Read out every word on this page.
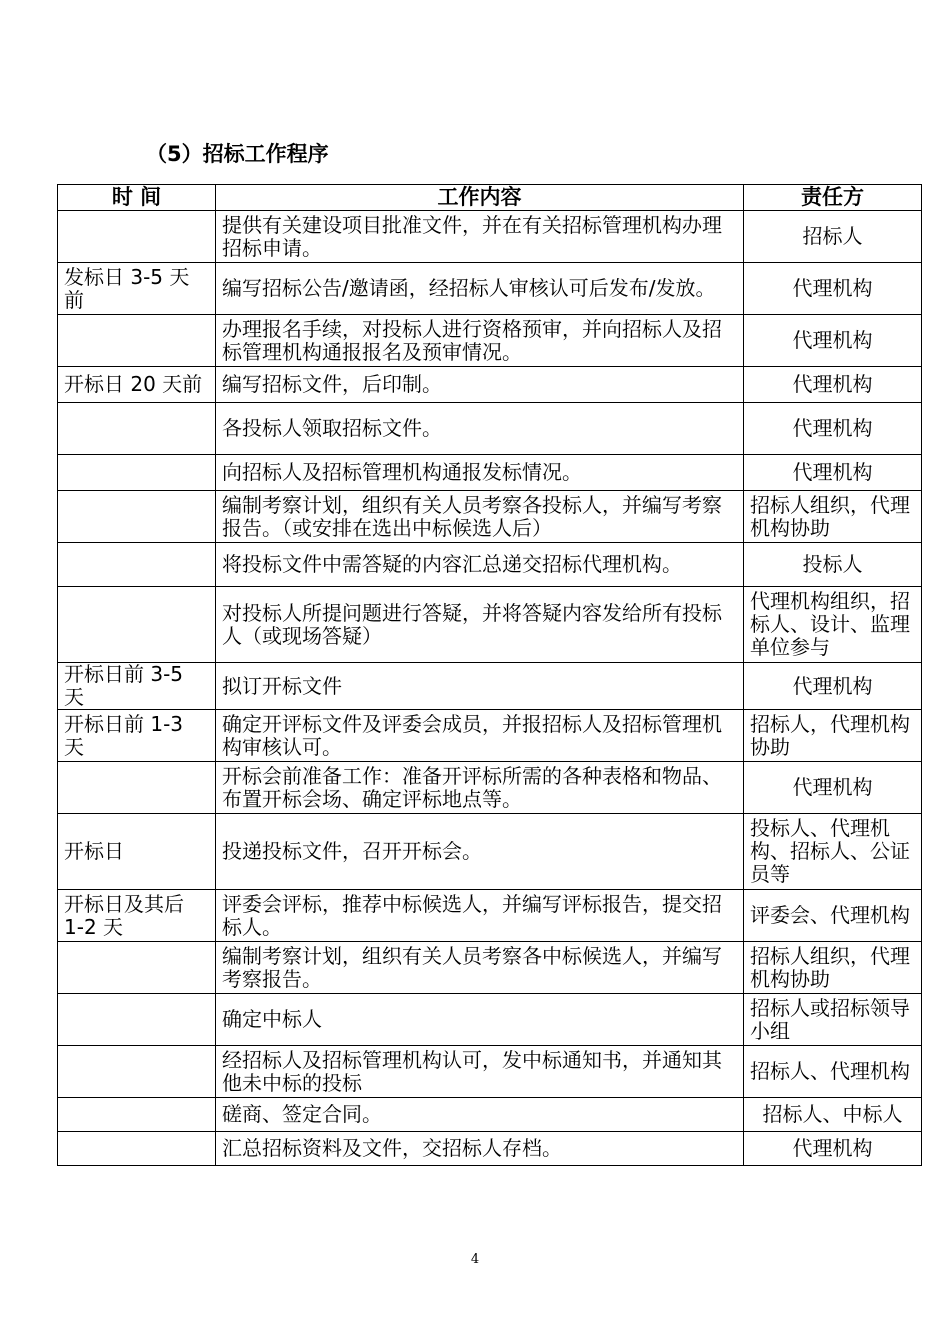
（5）招标工作程序
时 间	工作内容	责任方
	提供有关建设项目批准文件，并在有关招标管理机构办理招标申请。	招标人
发标日 3-5 天前	编写招标公告/邀请函，经招标人审核认可后发布/发放。	代理机构
	办理报名手续，对投标人进行资格预审，并向招标人及招标管理机构通报报名及预审情况。	代理机构
开标日 20 天前	编写招标文件，后印制。	代理机构
	各投标人领取招标文件。	代理机构
	向招标人及招标管理机构通报发标情况。	代理机构
	编制考察计划，组织有关人员考察各投标人，并编写考察报告。（或安排在选出中标候选人后）	招标人组织，代理机构协助
	将投标文件中需答疑的内容汇总递交招标代理机构。	投标人
	对投标人所提问题进行答疑，并将答疑内容发给所有投标人（或现场答疑）	代理机构组织，招标人、设计、监理单位参与
开标日前 3-5 天	拟订开标文件	代理机构
开标日前 1-3 天	确定开评标文件及评委会成员，并报招标人及招标管理机构审核认可。	招标人，代理机构协助
	开标会前准备工作：准备开评标所需的各种表格和物品、布置开标会场、确定评标地点等。	代理机构
开标日	投递投标文件，召开开标会。	投标人、代理机构、招标人、公证员等
开标日及其后 1-2 天	评委会评标，推荐中标候选人，并编写评标报告，提交招标人。	评委会、代理机构
	编制考察计划，组织有关人员考察各中标候选人，并编写考察报告。	招标人组织，代理机构协助
	确定中标人	招标人或招标领导小组
	经招标人及招标管理机构认可，发中标通知书，并通知其他未中标的投标	招标人、代理机构
	磋商、签定合同。	招标人、中标人
	汇总招标资料及文件，交招标人存档。	代理机构
4
